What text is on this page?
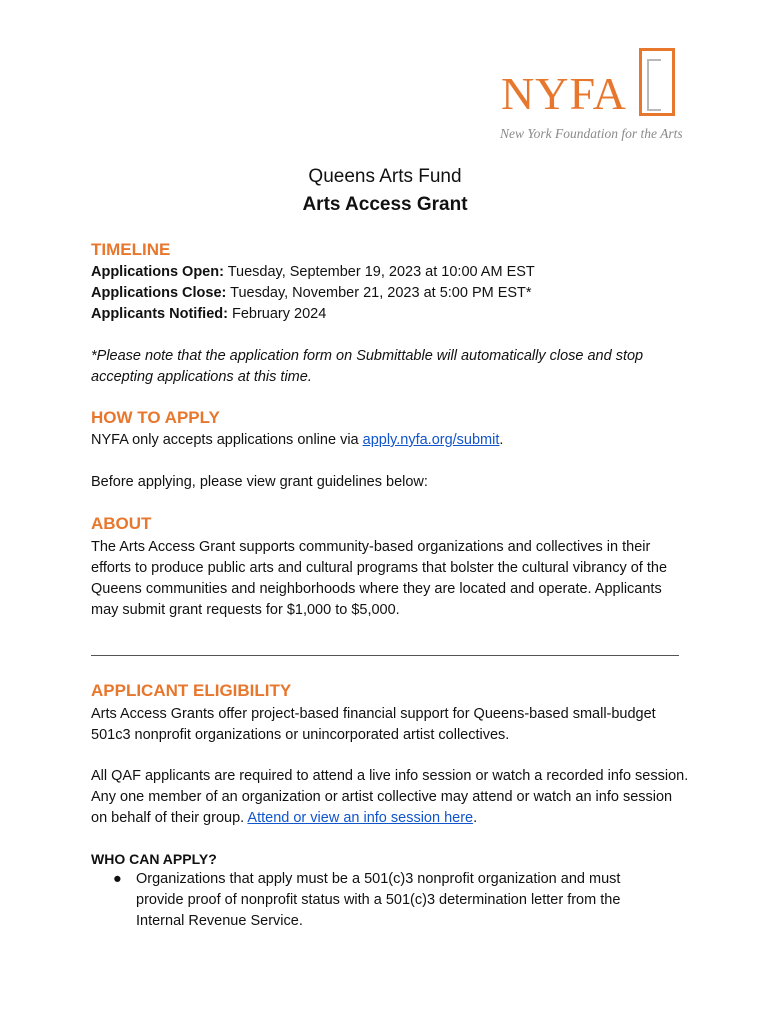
NYFA
New York Foundation for the Arts
Queens Arts Fund
Arts Access Grant
TIMELINE

Applications Open: Tuesday, September 19, 2023 at 10:00 AM EST

Applications Close: Tuesday, November 21, 2023 at 5:00 PM EST*

Applicants Notified: February 2024

*Please note that the application form on Submittable will automatically close and stop accepting applications at this time.
HOW TO APPLY
NYFA only accepts applications online via apply.nyfa.org/submit.
Before applying, please view grant guidelines below:
ABOUT
The Arts Access Grant supports community-based organizations and collectives in their efforts to produce public arts and cultural programs that bolster the cultural vibrancy of the Queens communities and neighborhoods where they are located and operate. Applicants may submit grant requests for $1,000 to $5,000.
APPLICANT ELIGIBILITY
Arts Access Grants offer project-based financial support for Queens-based small-budget 501c3 nonprofit organizations or unincorporated artist collectives.
All QAF applicants are required to attend a live info session or watch a recorded info session. Any one member of an organization or artist collective may attend or watch an info session on behalf of their group. Attend or view an info session here.
WHO CAN APPLY?
● Organizations that apply must be a 501(c)3 nonprofit organization and must provide proof of nonprofit status with a 501(c)3 determination letter from the Internal Revenue Service.
